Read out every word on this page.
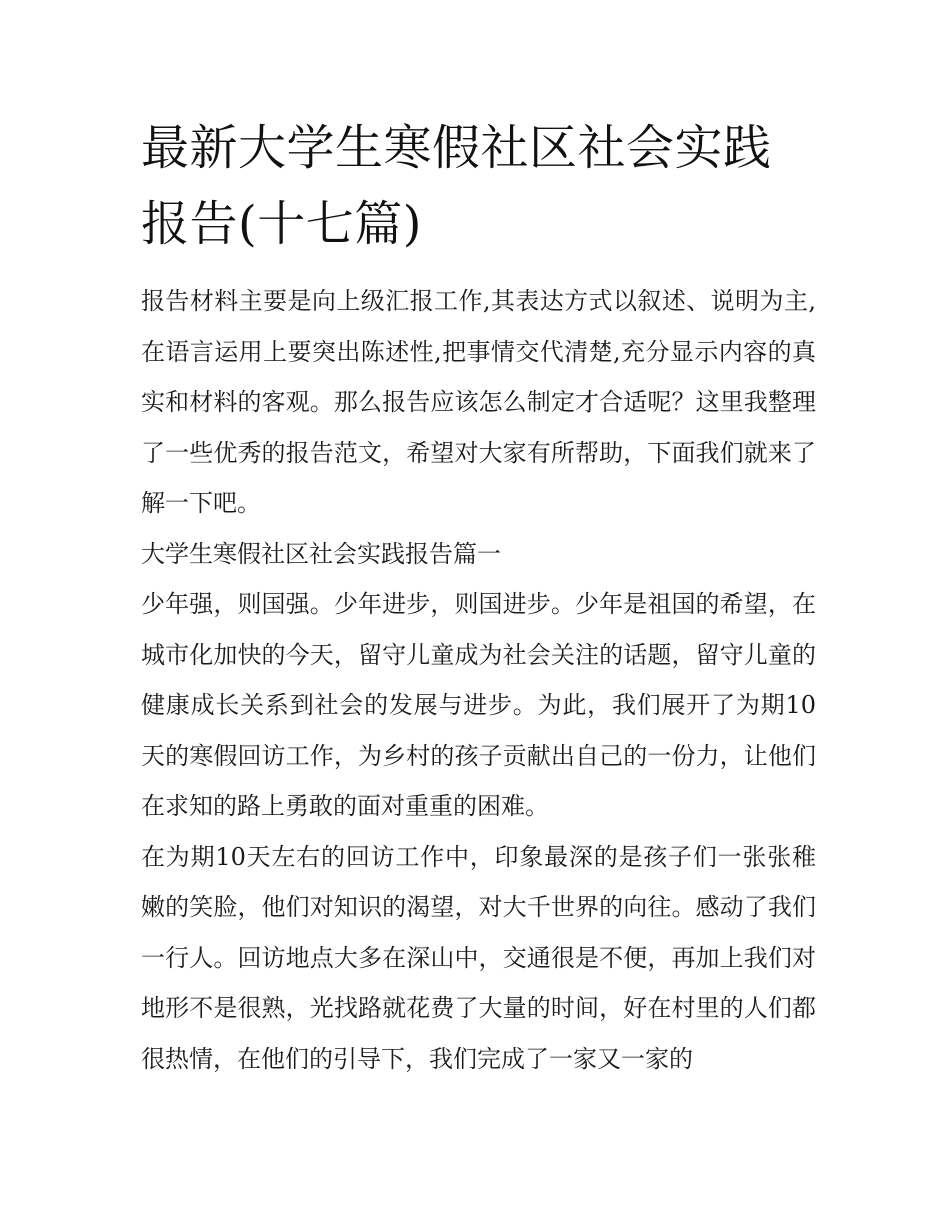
最新大学生寒假社区社会实践报告(十七篇)

报告材料主要是向上级汇报工作,其表达方式以叙述、说明为主,在语言运用上要突出陈述性,把事情交代清楚,充分显示内容的真实和材料的客观。那么报告应该怎么制定才合适呢？这里我整理了一些优秀的报告范文，希望对大家有所帮助，下面我们就来了解一下吧。

大学生寒假社区社会实践报告篇一

少年强，则国强。少年进步，则国进步。少年是祖国的希望，在城市化加快的今天，留守儿童成为社会关注的话题，留守儿童的健康成长关系到社会的发展与进步。为此，我们展开了为期10天的寒假回访工作，为乡村的孩子贡献出自己的一份力，让他们在求知的路上勇敢的面对重重的困难。

在为期10天左右的回访工作中，印象最深的是孩子们一张张稚嫩的笑脸，他们对知识的渴望，对大千世界的向往。感动了我们一行人。回访地点大多在深山中，交通很是不便，再加上我们对地形不是很熟，光找路就花费了大量的时间，好在村里的人们都很热情，在他们的引导下，我们完成了一家又一家的
